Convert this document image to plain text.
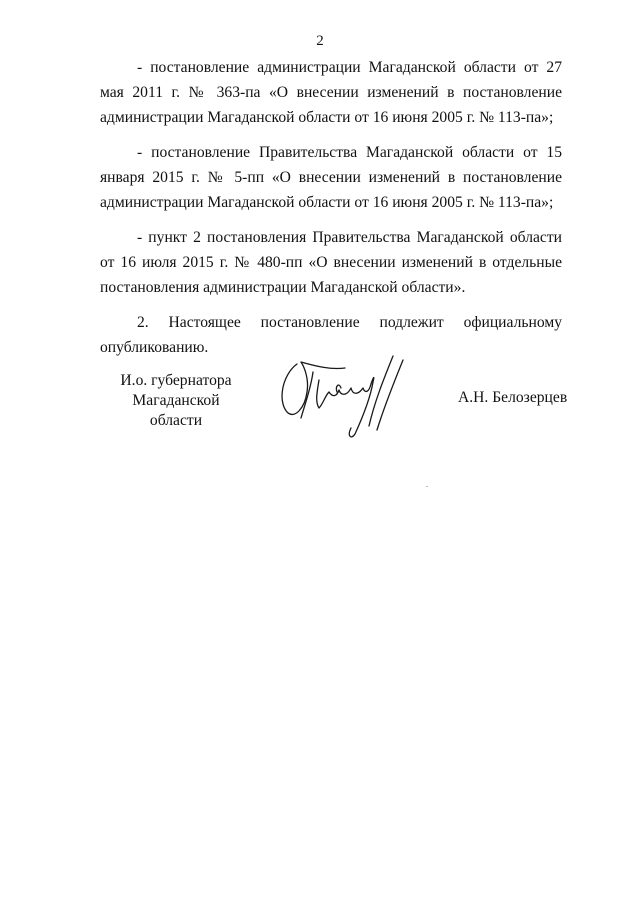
2

- постановление администрации Магаданской области от 27 мая 2011 г. № 363-па «О внесении изменений в постановление администрации Магаданской области от 16 июня 2005 г. № 113-па»;

- постановление Правительства Магаданской области от 15 января 2015 г. № 5-пп «О внесении изменений в постановление администрации Магаданской области от 16 июня 2005 г. № 113-па»;

- пункт 2 постановления Правительства Магаданской области от 16 июля 2015 г. № 480-пп «О внесении изменений в отдельные постановления администрации Магаданской области».

2. Настоящее постановление подлежит официальному опубликованию.

И.о. губернатора
Магаданской области
А.Н. Белозерцев
